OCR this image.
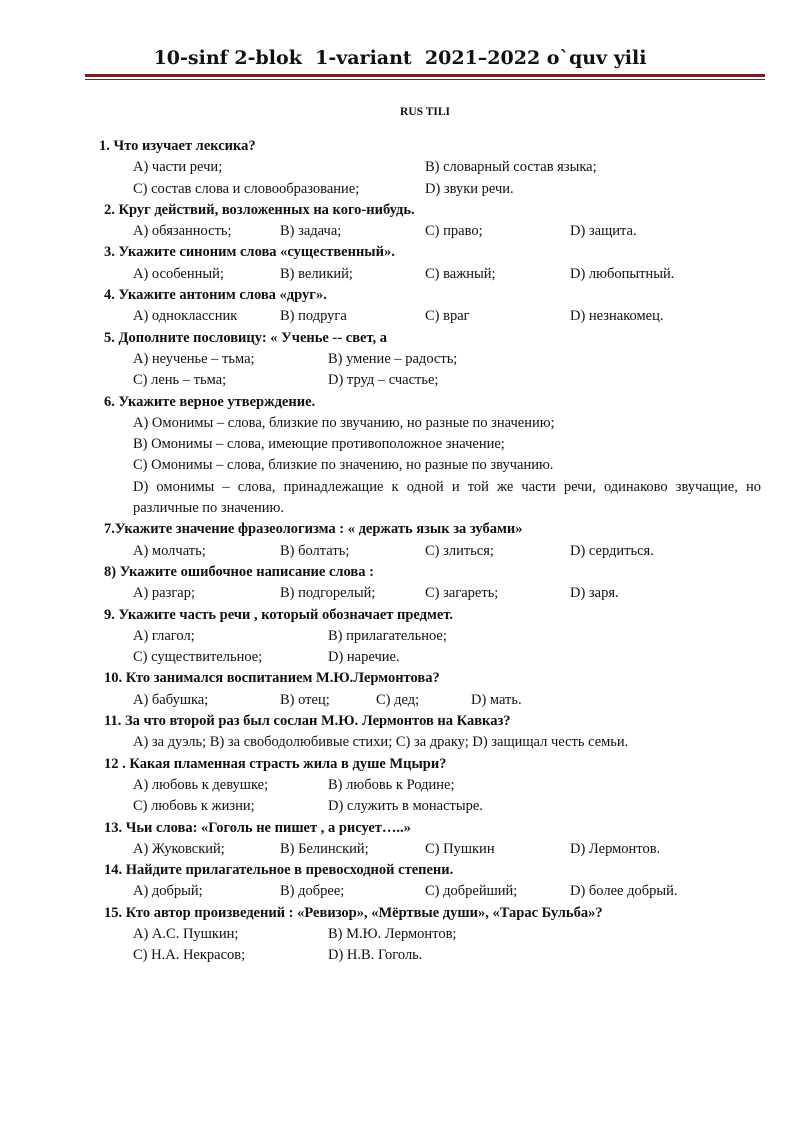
10-sinf 2-blok  1-variant  2021–2022 o`quv yili
RUS TILI
1. Что изучает лексика?
А) части речи;	В) словарный состав языка;
С) состав слова и словообразование;	D) звуки речи.
2. Круг действий, возложенных на кого-нибудь.
А) обязанность;	В) задача;	С) право;	D) защита.
3. Укажите синоним слова «существенный».
А) особенный;	В) великий;	С) важный;	D) любопытный.
4. Укажите антоним слова «друг».
А) одноклассник	В) подруга	С) враг	D) незнакомец.
5. Дополните пословицу: « Ученье -- свет, а
А) неученье – тьма;	В) умение – радость;
С) лень – тьма;	D) труд – счастье;
6. Укажите верное утверждение.
А) Омонимы – слова, близкие по звучанию, но разные по значению;
В) Омонимы – слова, имеющие противоположное значение;
С) Омонимы – слова, близкие по значению, но разные по звучанию.
D) омонимы – слова, принадлежащие к одной и той же части речи, одинаково звучащие, но различные по значению.
7.Укажите значение фразеологизма : « держать язык за зубами»
А) молчать;	В) болтать;	С) злиться;	D) сердиться.
8) Укажите ошибочное написание слова :
А) разгар;	В) подгорелый;	С) загареть;	D) заря.
9. Укажите часть речи , который обозначает предмет.
А) глагол;	В) прилагательное;
С) существительное;	D) наречие.
10. Кто занимался воспитанием М.Ю.Лермонтова?
А) бабушка;	В) отец;	С) дед;	D) мать.
11. За что второй раз был сослан М.Ю. Лермонтов на Кавказ?
А) за дуэль; В) за свободолюбивые стихи; С) за драку; D) защищал честь семьи.
12 . Какая пламенная страсть жила в душе Мцыри?
А) любовь к девушке;	В) любовь к Родине;
С) любовь к жизни;	D) служить в монастыре.
13. Чьи слова: «Гоголь не пишет , а рисует…..»
А) Жуковский;	В) Белинский;	С) Пушкин	D) Лермонтов.
14. Найдите прилагательное в превосходной степени.
А) добрый;	В) добрее;	С) добрейший;	D) более добрый.
15. Кто автор произведений : «Ревизор», «Мёртвые души», «Тарас Бульба»?
А) А.С. Пушкин;	В) М.Ю. Лермонтов;
С) Н.А. Некрасов;	D) Н.В. Гоголь.
